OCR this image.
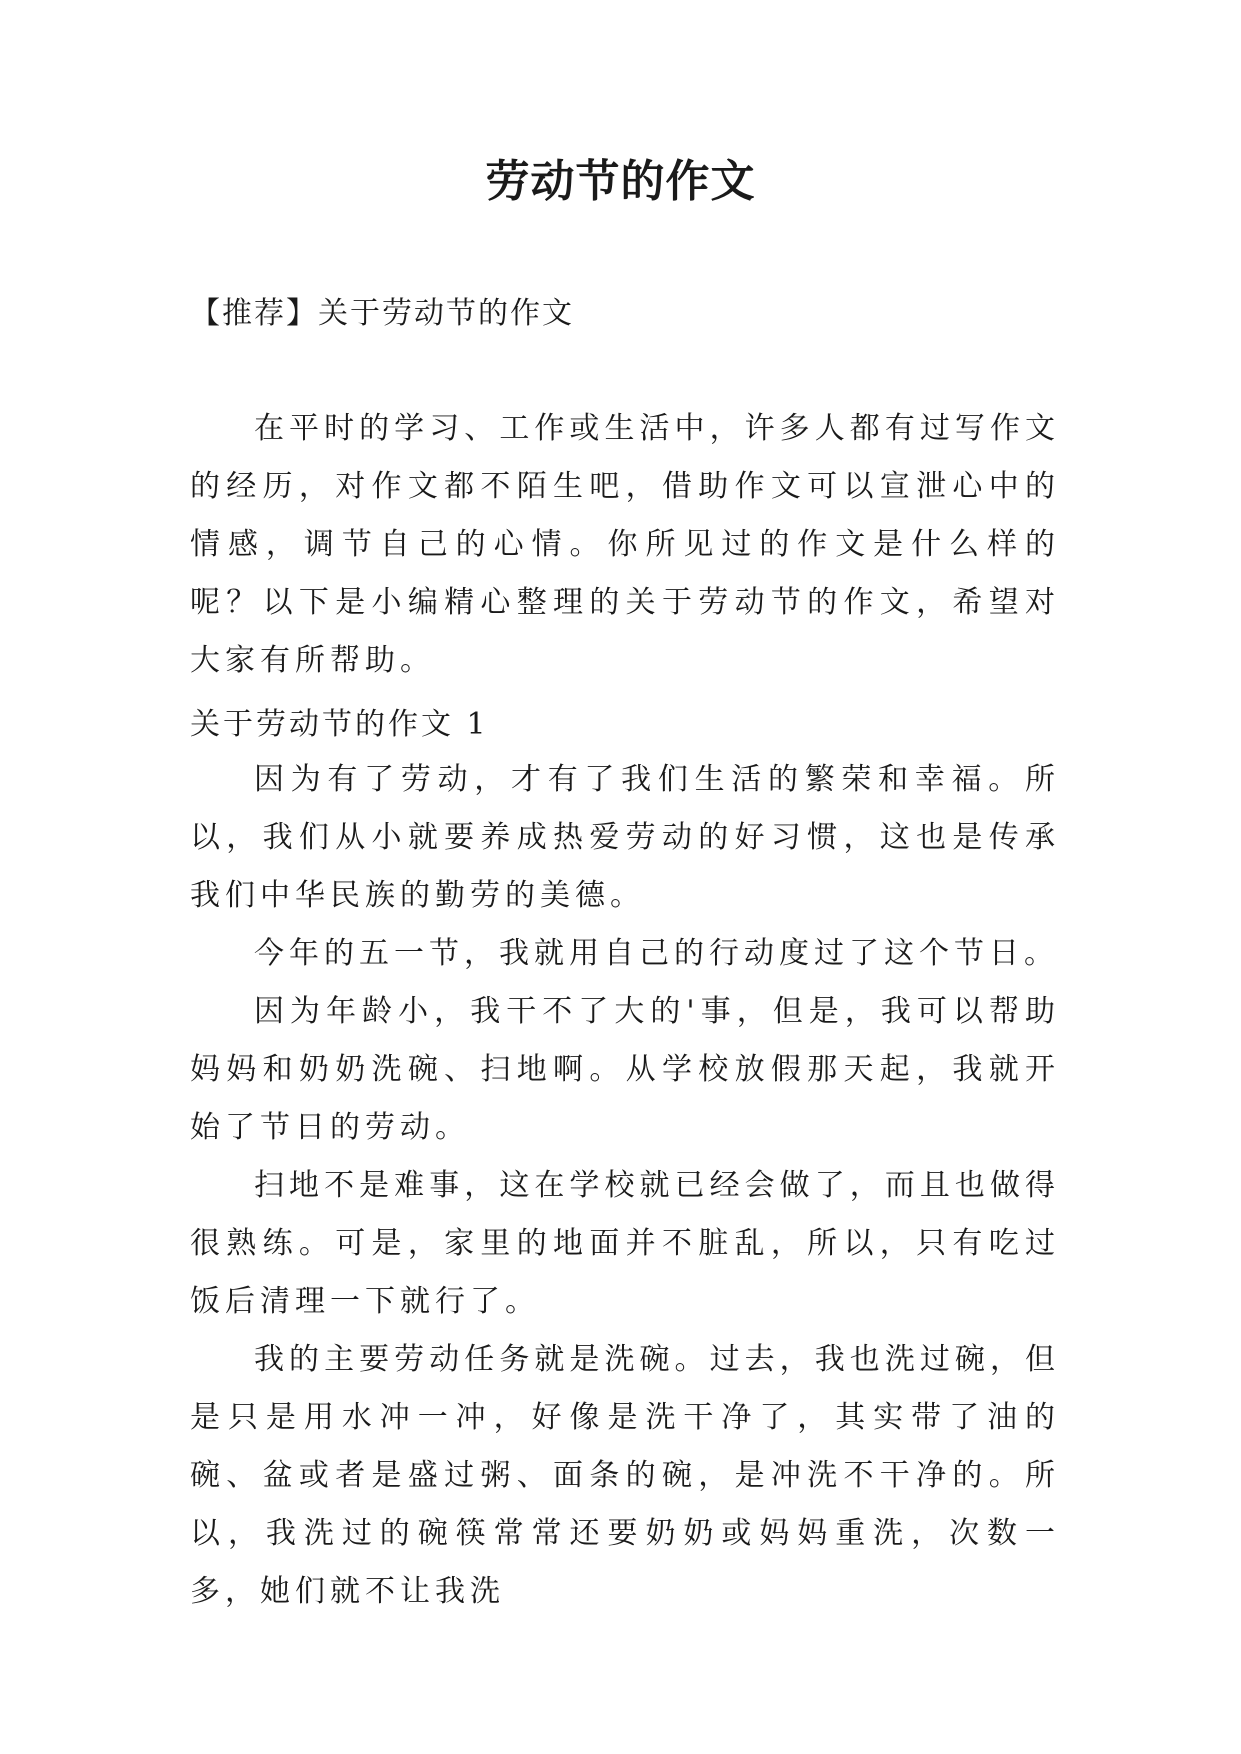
劳动节的作文
【推荐】关于劳动节的作文

在平时的学习、工作或生活中，许多人都有过写作文的经历，对作文都不陌生吧，借助作文可以宣泄心中的情感，调节自己的心情。你所见过的作文是什么样的呢？以下是小编精心整理的关于劳动节的作文，希望对大家有所帮助。

关于劳动节的作文 1

因为有了劳动，才有了我们生活的繁荣和幸福。所以，我们从小就要养成热爱劳动的好习惯，这也是传承我们中华民族的勤劳的美德。

今年的五一节，我就用自己的行动度过了这个节日。

因为年龄小，我干不了大的'事，但是，我可以帮助妈妈和奶奶洗碗、扫地啊。从学校放假那天起，我就开始了节日的劳动。

扫地不是难事，这在学校就已经会做了，而且也做得很熟练。可是，家里的地面并不脏乱，所以，只有吃过饭后清理一下就行了。

我的主要劳动任务就是洗碗。过去，我也洗过碗，但是只是用水冲一冲，好像是洗干净了，其实带了油的碗、盆或者是盛过粥、面条的碗，是冲洗不干净的。所以，我洗过的碗筷常常还要奶奶或妈妈重洗，次数一多，她们就不让我洗
